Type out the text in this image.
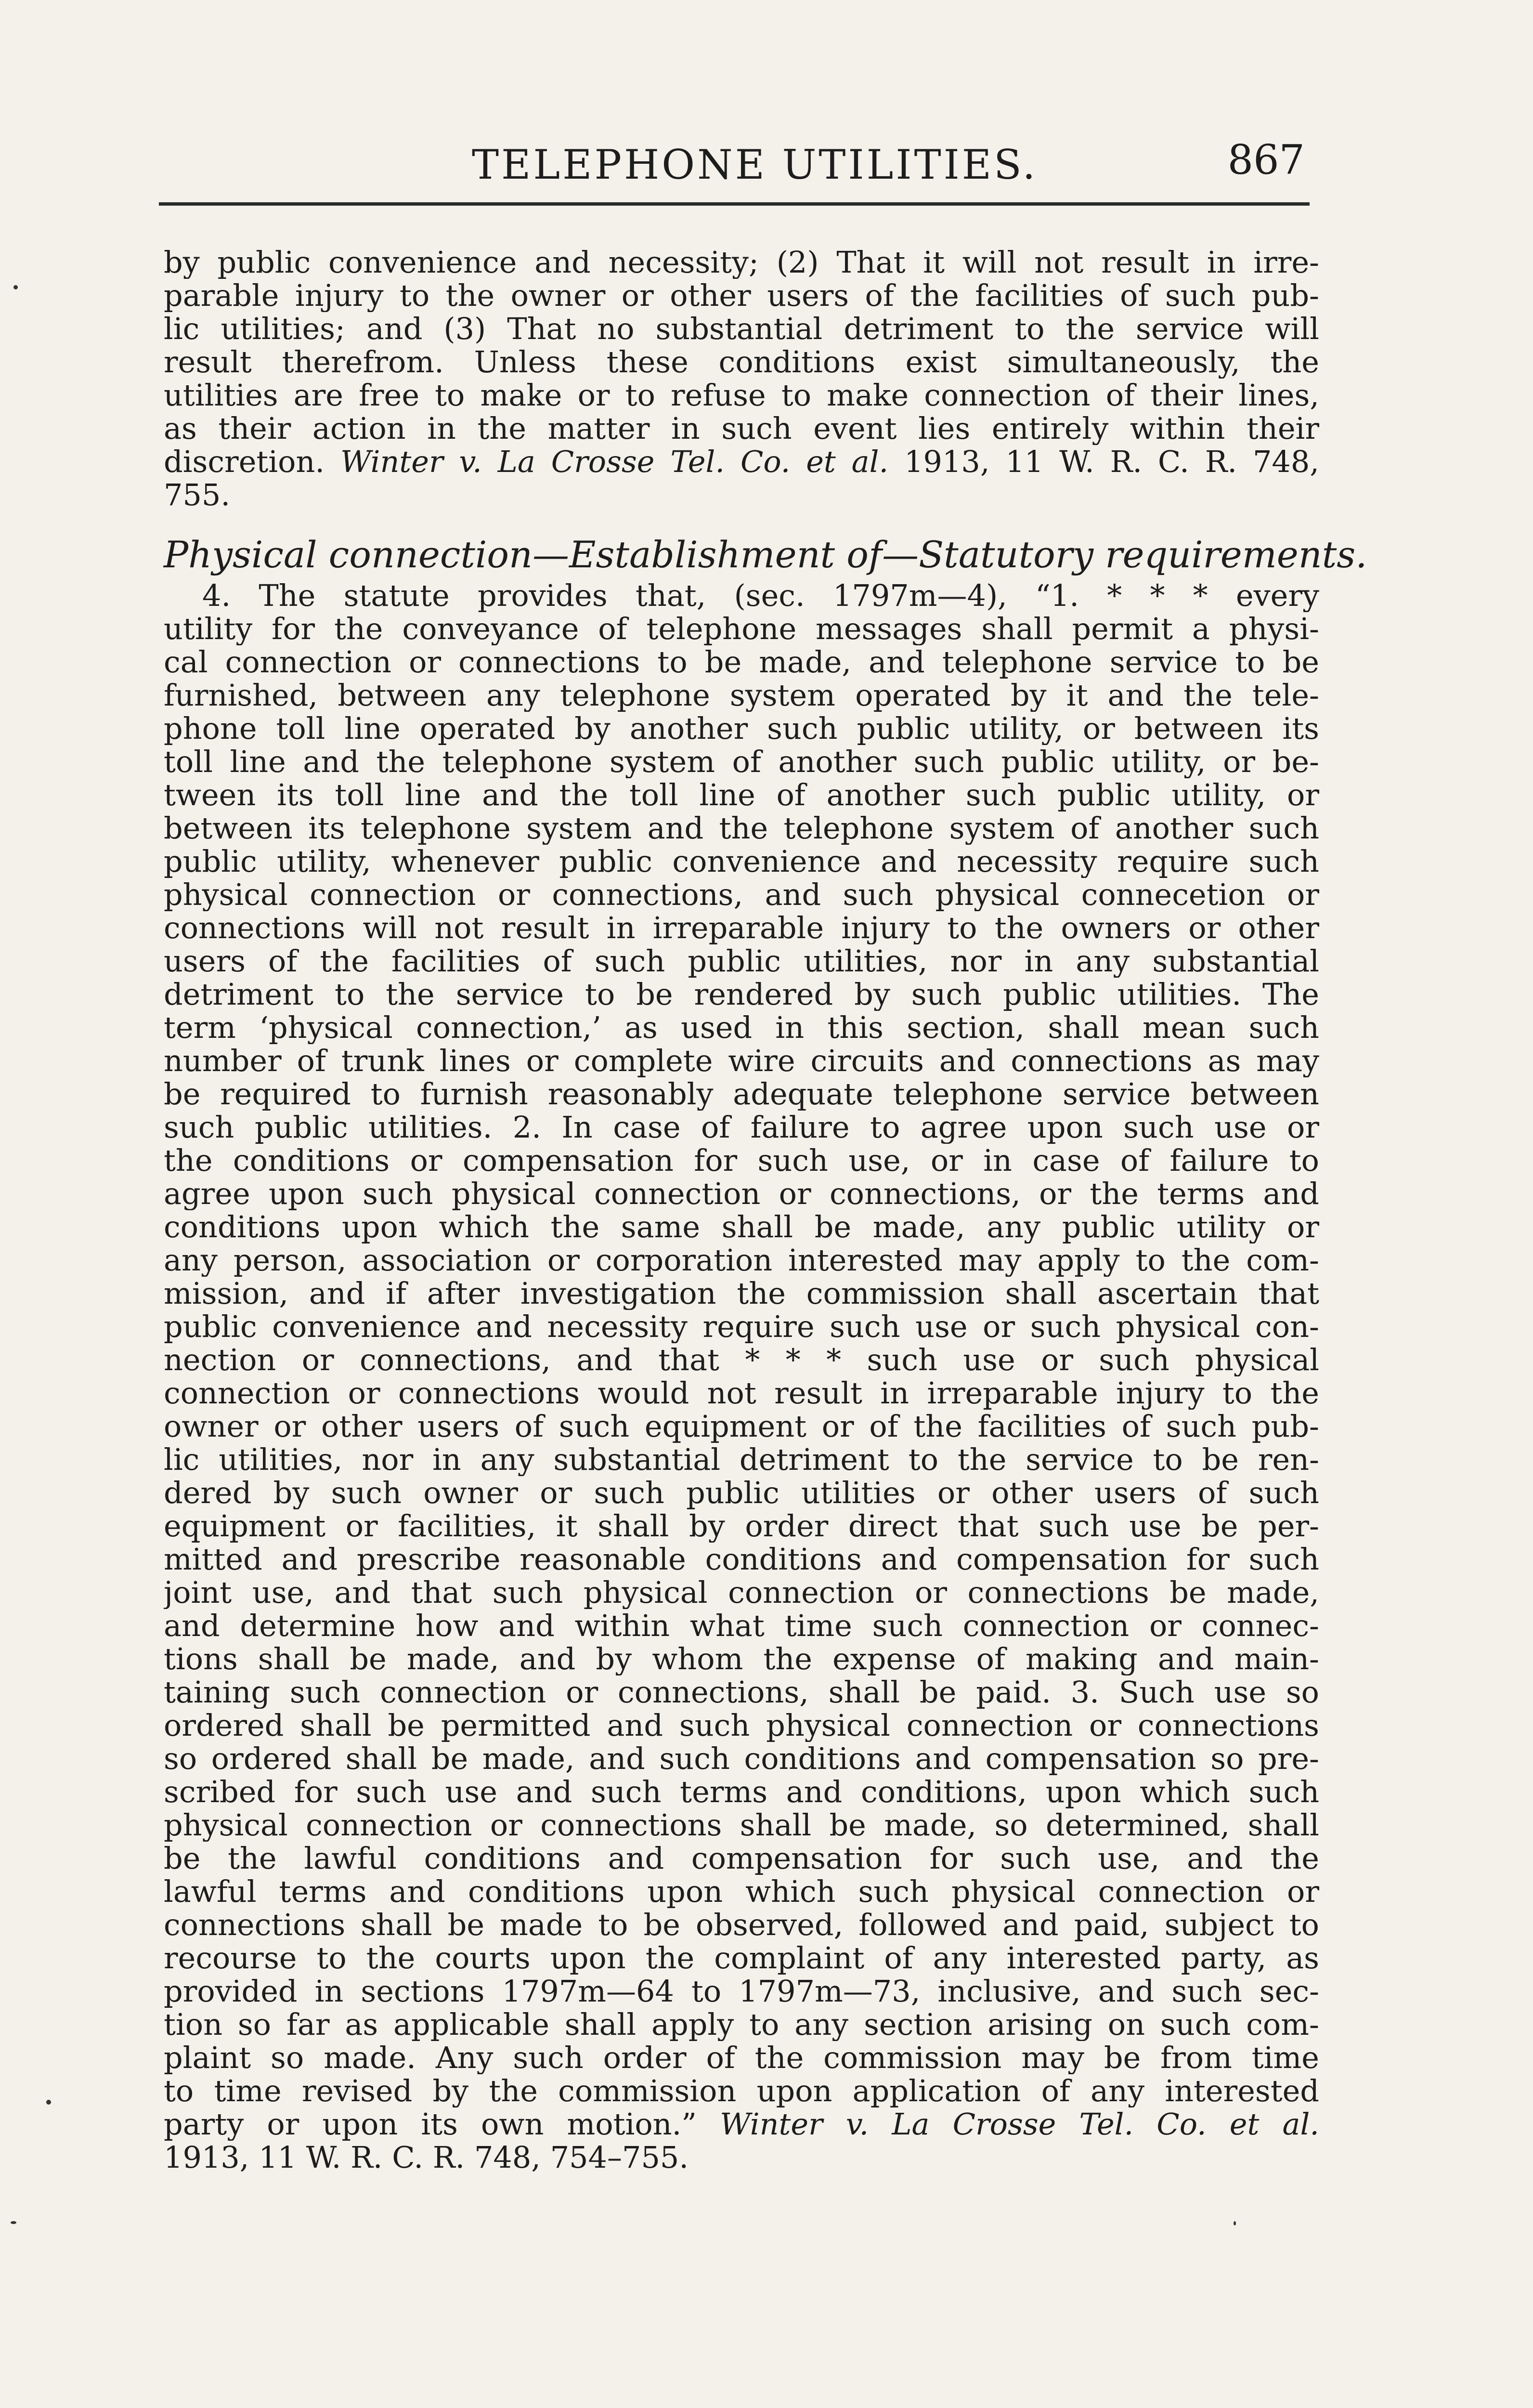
TELEPHONE UTILITIES.	867
by public convenience and necessity; (2) That it will not result in irre-
parable injury to the owner or other users of the facilities of such pub-
lic utilities; and (3) That no substantial detriment to the service will
result therefrom. Unless these conditions exist simultaneously, the
utilities are free to make or to refuse to make connection of their lines,
as their action in the matter in such event lies entirely within their
discretion. Winter v. La Crosse Tel. Co. et al. 1913, 11 W. R. C. R. 748,
755.
Physical connection—Establishment of—Statutory requirements.
4. The statute provides that, (sec. 1797m—4), “1. * * * every
utility for the conveyance of telephone messages shall permit a physi-
cal connection or connections to be made, and telephone service to be
furnished, between any telephone system operated by it and the tele-
phone toll line operated by another such public utility, or between its
toll line and the telephone system of another such public utility, or be-
tween its toll line and the toll line of another such public utility, or
between its telephone system and the telephone system of another such
public utility, whenever public convenience and necessity require such
physical connection or connections, and such physical connecetion or
connections will not result in irreparable injury to the owners or other
users of the facilities of such public utilities, nor in any substantial
detriment to the service to be rendered by such public utilities. The
term ‘physical connection,’ as used in this section, shall mean such
number of trunk lines or complete wire circuits and connections as may
be required to furnish reasonably adequate telephone service between
such public utilities. 2. In case of failure to agree upon such use or
the conditions or compensation for such use, or in case of failure to
agree upon such physical connection or connections, or the terms and
conditions upon which the same shall be made, any public utility or
any person, association or corporation interested may apply to the com-
mission, and if after investigation the commission shall ascertain that
public convenience and necessity require such use or such physical con-
nection or connections, and that * * * such use or such physical
connection or connections would not result in irreparable injury to the
owner or other users of such equipment or of the facilities of such pub-
lic utilities, nor in any substantial detriment to the service to be ren-
dered by such owner or such public utilities or other users of such
equipment or facilities, it shall by order direct that such use be per-
mitted and prescribe reasonable conditions and compensation for such
joint use, and that such physical connection or connections be made,
and determine how and within what time such connection or connec-
tions shall be made, and by whom the expense of making and main-
taining such connection or connections, shall be paid. 3. Such use so
ordered shall be permitted and such physical connection or connections
so ordered shall be made, and such conditions and compensation so pre-
scribed for such use and such terms and conditions, upon which such
physical connection or connections shall be made, so determined, shall
be the lawful conditions and compensation for such use, and the
lawful terms and conditions upon which such physical connection or
connections shall be made to be observed, followed and paid, subject to
recourse to the courts upon the complaint of any interested party, as
provided in sections 1797m—64 to 1797m—73, inclusive, and such sec-
tion so far as applicable shall apply to any section arising on such com-
plaint so made. Any such order of the commission may be from time
to time revised by the commission upon application of any interested
party or upon its own motion.” Winter v. La Crosse Tel. Co. et al.
1913, 11 W. R. C. R. 748, 754–755.
